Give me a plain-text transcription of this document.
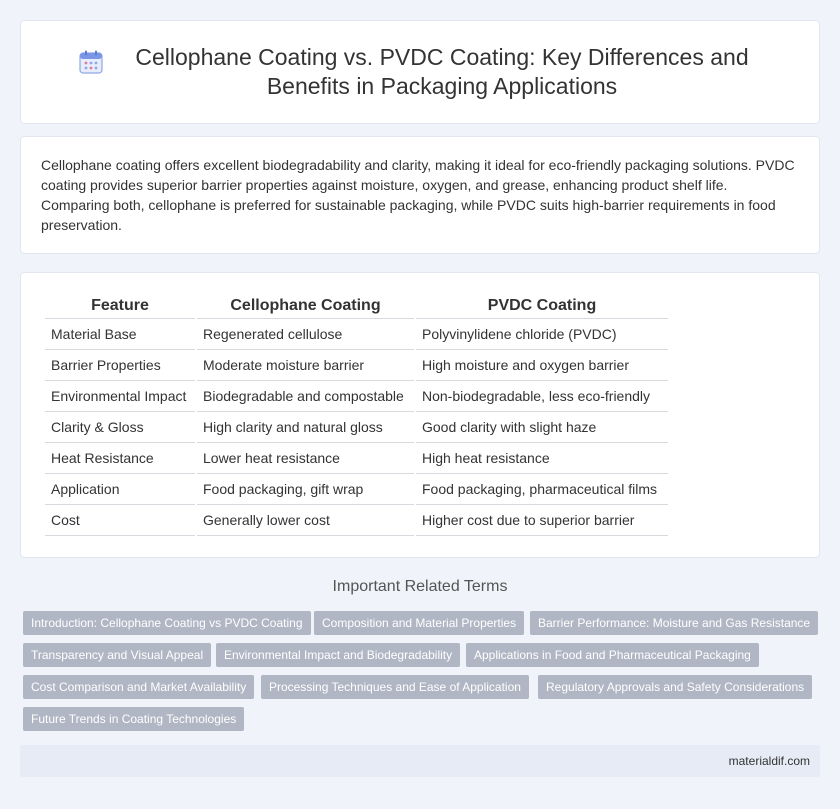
Cellophane Coating vs. PVDC Coating: Key Differences and Benefits in Packaging Applications

Cellophane coating offers excellent biodegradability and clarity, making it ideal for eco-friendly packaging solutions. PVDC coating provides superior barrier properties against moisture, oxygen, and grease, enhancing product shelf life. Comparing both, cellophane is preferred for sustainable packaging, while PVDC suits high-barrier requirements in food preservation.

Feature	Cellophane Coating	PVDC Coating
Material Base	Regenerated cellulose	Polyvinylidene chloride (PVDC)
Barrier Properties	Moderate moisture barrier	High moisture and oxygen barrier
Environmental Impact	Biodegradable and compostable	Non-biodegradable, less eco-friendly
Clarity & Gloss	High clarity and natural gloss	Good clarity with slight haze
Heat Resistance	Lower heat resistance	High heat resistance
Application	Food packaging, gift wrap	Food packaging, pharmaceutical films
Cost	Generally lower cost	Higher cost due to superior barrier
Important Related Terms
Introduction: Cellophane Coating vs PVDC Coating	Composition and Material Properties	Barrier Performance: Moisture and Gas Resistance
Transparency and Visual Appeal	Environmental Impact and Biodegradability	Applications in Food and Pharmaceutical Packaging
Cost Comparison and Market Availability	Processing Techniques and Ease of Application	Regulatory Approvals and Safety Considerations
Future Trends in Coating Technologies
materialdif.com
